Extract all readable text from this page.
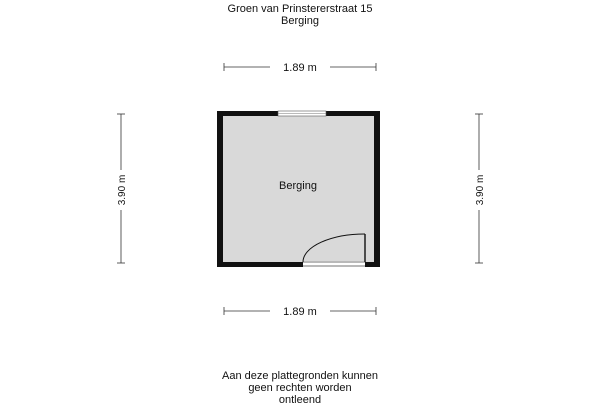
Groen van Prinstererstraat 15
Berging
1.89 m
1.89 m
3.90 m	3.90 m
Berging
Aan deze plattegronden kunnen
geen rechten worden
ontleend
